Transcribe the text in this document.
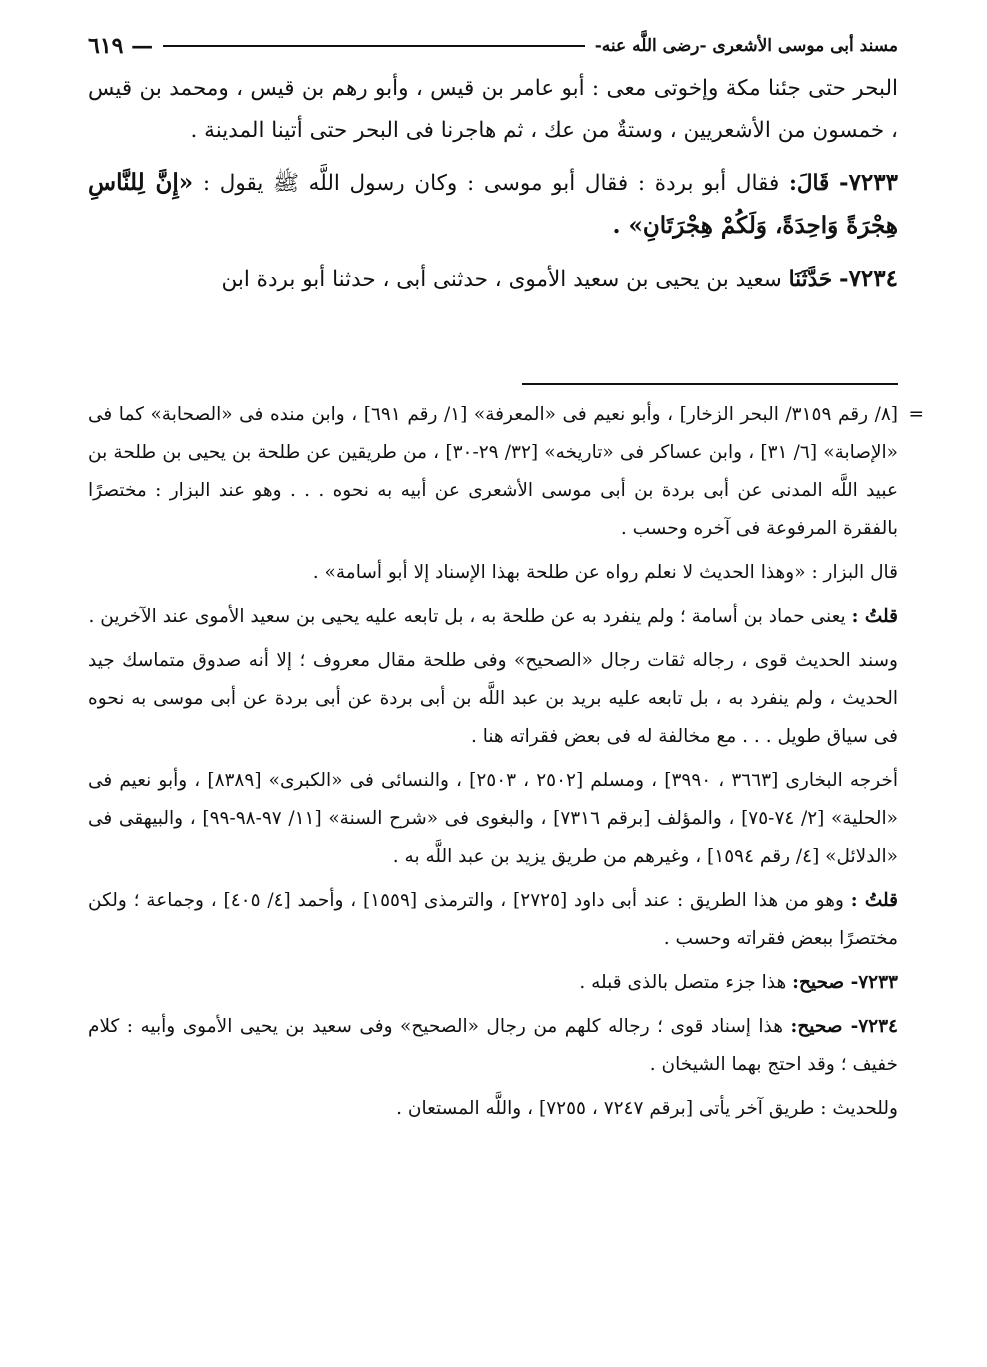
مسند أبى موسى الأشعرى -رضى اللَّه عنه-
— ٦١٩

البحر حتى جئنا مكة وإخوتى معى : أبو عامر بن قيس ، وأبو رهم بن قيس ، ومحمد بن قيس ، خمسون من الأشعريين ، وستةٌ من عك ، ثم هاجرنا فى البحر حتى أتينا المدينة .

٧٢٣٣- قَالَ: فقال أبو بردة : فقال أبو موسى : وكان رسول اللَّه ﷺ يقول : «إِنَّ لِلنَّاسِ هِجْرَةً وَاحِدَةً، وَلَكُمْ هِجْرَتَانِ» .

٧٢٣٤- حَدَّثَنَا سعيد بن يحيى بن سعيد الأموى ، حدثنى أبى ، حدثنا أبو بردة ابن

=
[٨/ رقم ٣١٥٩/ البحر الزخار] ، وأبو نعيم فى «المعرفة» [١/ رقم ٦٩١] ، وابن منده فى «الصحابة» كما فى «الإصابة» [٦/ ٣١] ، وابن عساكر فى «تاريخه» [٣٢/ ٢٩-٣٠] ، من طريقين عن طلحة بن يحيى بن طلحة بن عبيد اللَّه المدنى عن أبى بردة بن أبى موسى الأشعرى عن أبيه به نحوه . . . وهو عند البزار : مختصرًا بالفقرة المرفوعة فى آخره وحسب .

قال البزار : «وهذا الحديث لا نعلم رواه عن طلحة بهذا الإسناد إلا أبو أسامة» .

قلتُ : يعنى حماد بن أسامة ؛ ولم ينفرد به عن طلحة به ، بل تابعه عليه يحيى بن سعيد الأموى عند الآخرين .

وسند الحديث قوى ، رجاله ثقات رجال «الصحيح» وفى طلحة مقال معروف ؛ إلا أنه صدوق متماسك جيد الحديث ، ولم ينفرد به ، بل تابعه عليه بريد بن عبد اللَّه بن أبى بردة عن أبى بردة عن أبى موسى به نحوه فى سياق طويل . . . مع مخالفة له فى بعض فقراته هنا .

أخرجه البخارى [٣٦٦٣ ، ٣٩٩٠] ، ومسلم [٢٥٠٢ ، ٢٥٠٣] ، والنسائى فى «الكبرى» [٨٣٨٩] ، وأبو نعيم فى «الحلية» [٢/ ٧٤-٧٥] ، والمؤلف [برقم ٧٣١٦] ، والبغوى فى «شرح السنة» [١١/ ٩٧-٩٨-٩٩] ، والبيهقى فى «الدلائل» [٤/ رقم ١٥٩٤] ، وغيرهم من طريق يزيد بن عبد اللَّه به .

قلتُ : وهو من هذا الطريق : عند أبى داود [٢٧٢٥] ، والترمذى [١٥٥٩] ، وأحمد [٤/ ٤٠٥] ، وجماعة ؛ ولكن مختصرًا ببعض فقراته وحسب .

٧٢٣٣- صحيح: هذا جزء متصل بالذى قبله .

٧٢٣٤- صحيح: هذا إسناد قوى ؛ رجاله كلهم من رجال «الصحيح» وفى سعيد بن يحيى الأموى وأبيه : كلام خفيف ؛ وقد احتج بهما الشيخان .

وللحديث : طريق آخر يأتى [برقم ٧٢٤٧ ، ٧٢٥٥] ، واللَّه المستعان .
